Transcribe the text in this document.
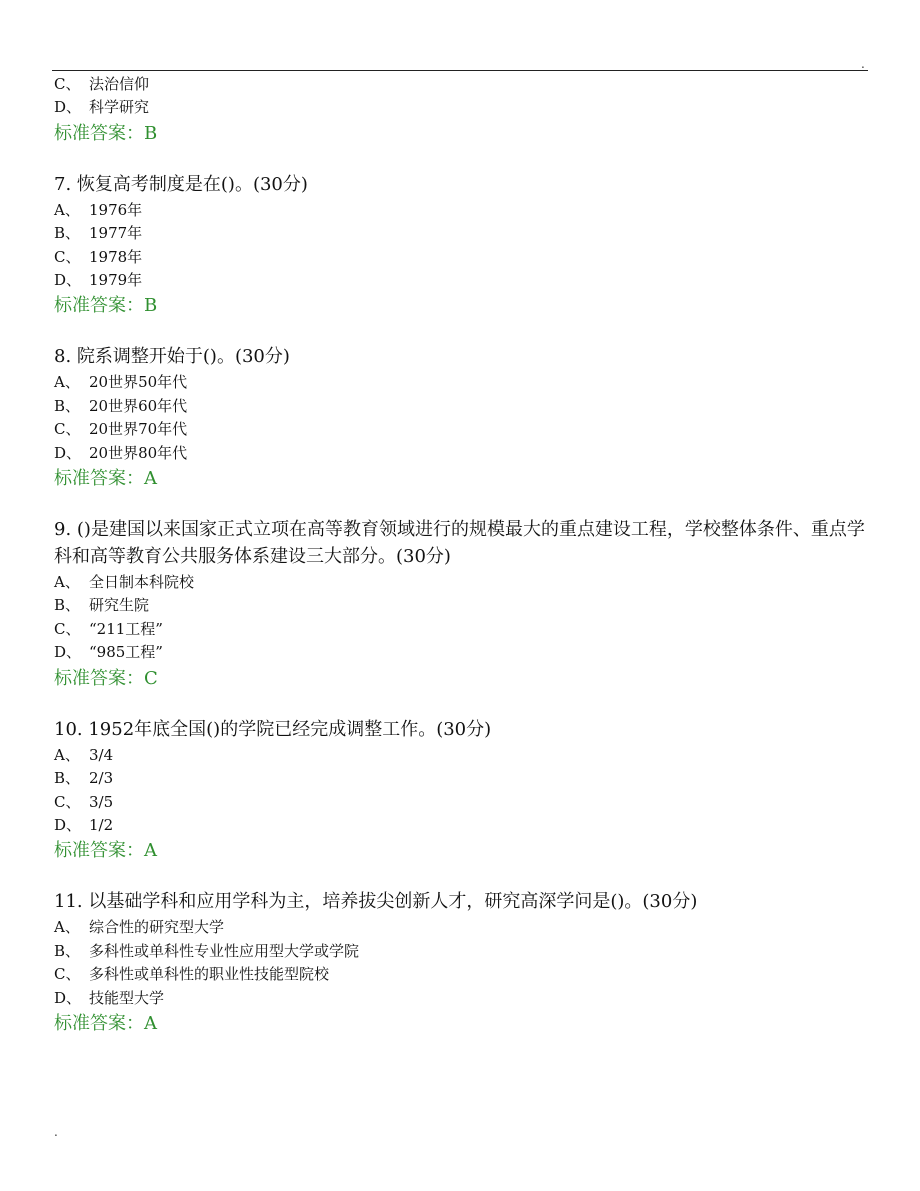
.
C、 法治信仰
D、 科学研究
标准答案：B
7. 恢复高考制度是在()。(30分)
A、 1976年
B、 1977年
C、 1978年
D、 1979年
标准答案：B
8. 院系调整开始于()。(30分)
A、 20世界50年代
B、 20世界60年代
C、 20世界70年代
D、 20世界80年代
标准答案：A
9. ()是建国以来国家正式立项在高等教育领域进行的规模最大的重点建设工程，学校整体条件、重点学科和高等教育公共服务体系建设三大部分。(30分)
A、 全日制本科院校
B、 研究生院
C、 “211工程”
D、 “985工程”
标准答案：C
10. 1952年底全国()的学院已经完成调整工作。(30分)
A、 3/4
B、 2/3
C、 3/5
D、 1/2
标准答案：A
11. 以基础学科和应用学科为主，培养拔尖创新人才，研究高深学问是()。(30分)
A、 综合性的研究型大学
B、 多科性或单科性专业性应用型大学或学院
C、 多科性或单科性的职业性技能型院校
D、 技能型大学
标准答案：A
.
